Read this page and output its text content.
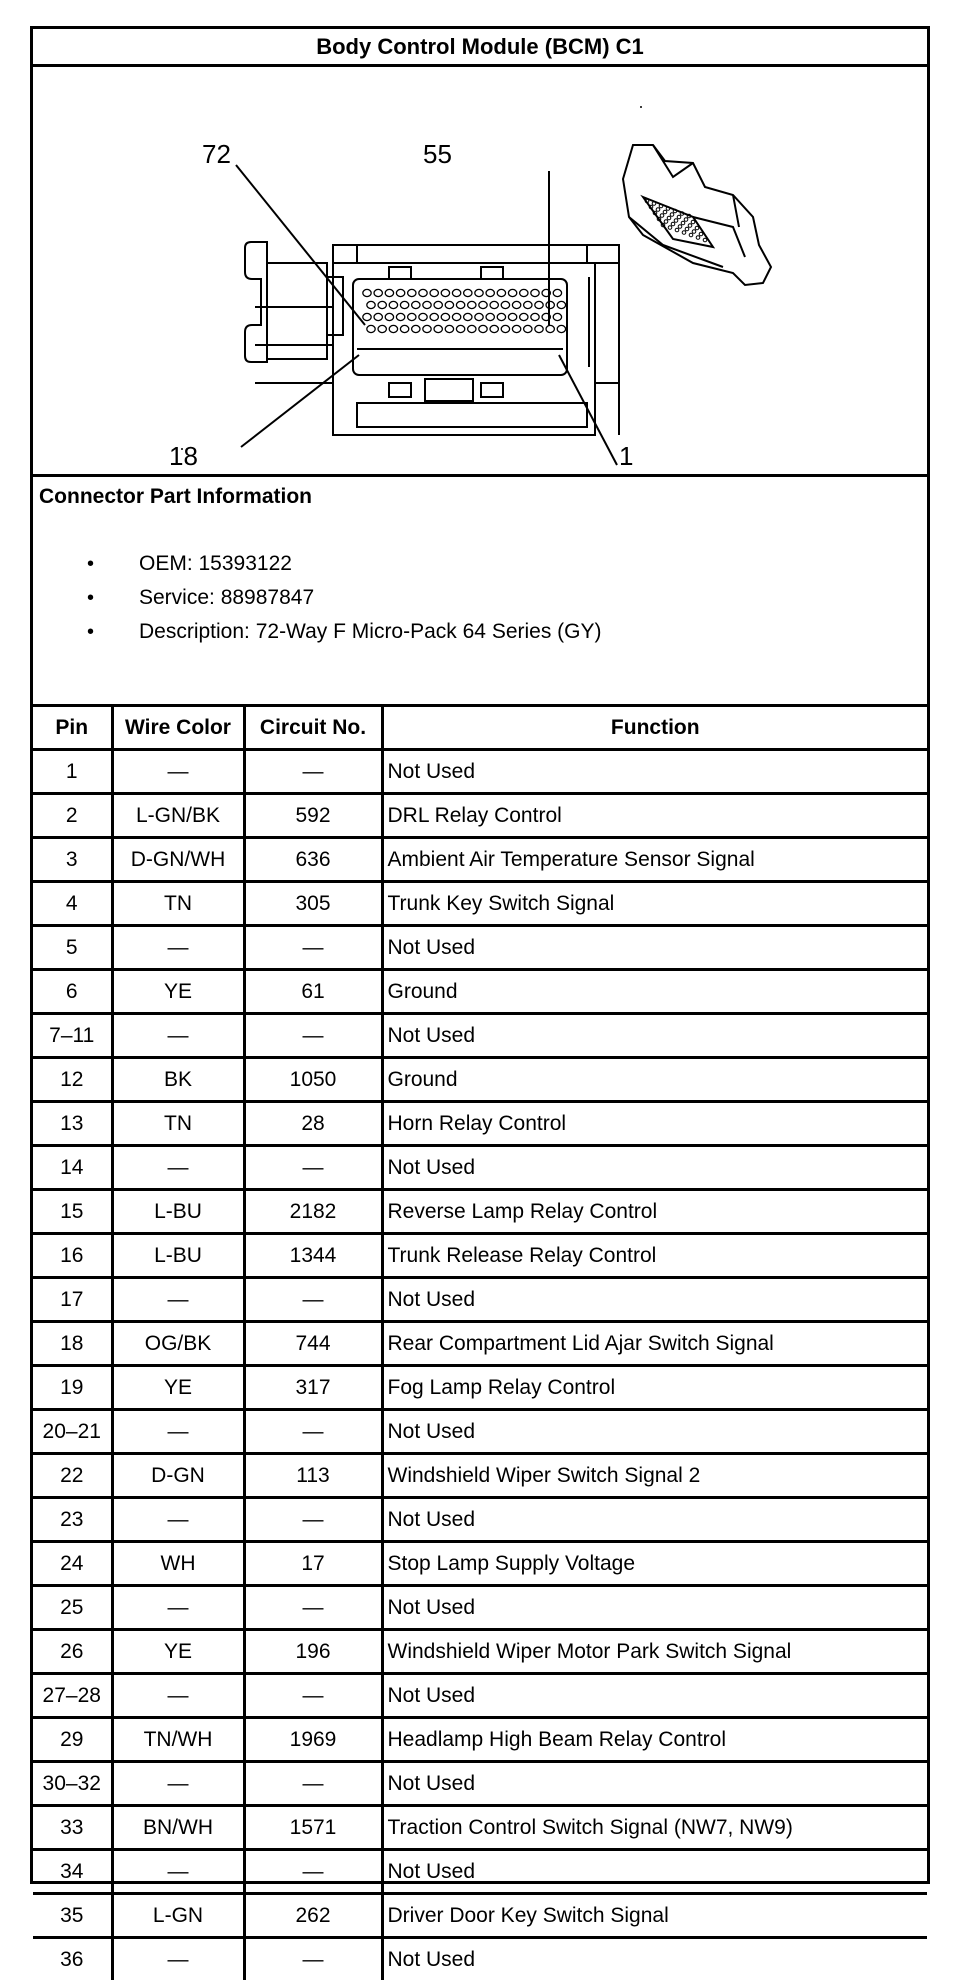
Body Control Module (BCM) C1
72	55
18	1
Connector Part Information
• OEM: 15393122
• Service: 88987847
• Description: 72-Way F Micro-Pack 64 Series (GY)
Pin	Wire Color	Circuit No.	Function
1	—	—	Not Used
2	L-GN/BK	592	DRL Relay Control
3	D-GN/WH	636	Ambient Air Temperature Sensor Signal
4	TN	305	Trunk Key Switch Signal
5	—	—	Not Used
6	YE	61	Ground
7–11	—	—	Not Used
12	BK	1050	Ground
13	TN	28	Horn Relay Control
14	—	—	Not Used
15	L-BU	2182	Reverse Lamp Relay Control
16	L-BU	1344	Trunk Release Relay Control
17	—	—	Not Used
18	OG/BK	744	Rear Compartment Lid Ajar Switch Signal
19	YE	317	Fog Lamp Relay Control
20–21	—	—	Not Used
22	D-GN	113	Windshield Wiper Switch Signal 2
23	—	—	Not Used
24	WH	17	Stop Lamp Supply Voltage
25	—	—	Not Used
26	YE	196	Windshield Wiper Motor Park Switch Signal
27–28	—	—	Not Used
29	TN/WH	1969	Headlamp High Beam Relay Control
30–32	—	—	Not Used
33	BN/WH	1571	Traction Control Switch Signal (NW7, NW9)
34	—	—	Not Used
35	L-GN	262	Driver Door Key Switch Signal
36	—	—	Not Used
